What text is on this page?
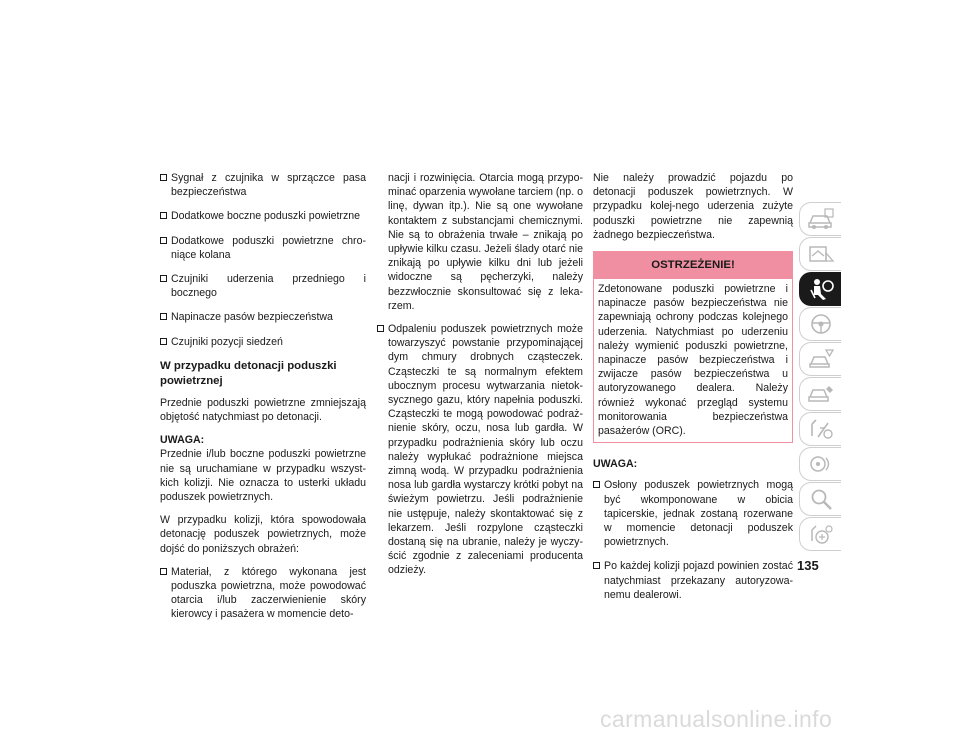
Sygnał z czujnika w sprzączce pasa bezpieczeństwa
Dodatkowe boczne poduszki powietrzne
Dodatkowe poduszki powietrzne chro-niące kolana
Czujniki uderzenia przedniego i bocznego
Napinacze pasów bezpieczeństwa
Czujniki pozycji siedzeń
W przypadku detonacji poduszki powietrznej
Przednie poduszki powietrzne zmniejszają objętość natychmiast po detonacji.
UWAGA:
Przednie i/lub boczne poduszki powietrzne nie są uruchamiane w przypadku wszyst-kich kolizji. Nie oznacza to usterki układu poduszek powietrznych.
W przypadku kolizji, która spowodowała detonację poduszek powietrznych, może dojść do poniższych obrażeń:
Materiał, z którego wykonana jest poduszka powietrzna, może powodować otarcia i/lub zaczerwienienie skóry kierowcy i pasażera w momencie deto-
nacji i rozwinięcia. Otarcia mogą przypo-minać oparzenia wywołane tarciem (np. o linę, dywan itp.). Nie są one wywołane kontaktem z substancjami chemicznymi. Nie są to obrażenia trwałe – znikają po upływie kilku czasu. Jeżeli ślady otarć nie znikają po upływie kilku dni lub jeżeli widoczne są pęcherzyki, należy bezzwłocznie skonsultować się z leka-rzem.
Odpaleniu poduszek powietrznych może towarzyszyć powstanie przypominającej dym chmury drobnych cząsteczek. Cząsteczki te są normalnym efektem ubocznym procesu wytwarzania nietok-sycznego gazu, który napełnia poduszki. Cząsteczki te mogą powodować podraż-nienie skóry, oczu, nosa lub gardła. W przypadku podrażnienia skóry lub oczu należy wypłukać podrażnione miejsca zimną wodą. W przypadku podrażnienia nosa lub gardła wystarczy krótki pobyt na świeżym powietrzu. Jeśli podrażnienie nie ustępuje, należy skontaktować się z lekarzem. Jeśli rozpylone cząsteczki dostaną się na ubranie, należy je wyczy-ścić zgodnie z zaleceniami producenta odzieży.
Nie należy prowadzić pojazdu po detonacji poduszek powietrznych. W przypadku kolej-nego uderzenia zużyte poduszki powietrzne nie zapewnią żadnego bezpieczeństwa.
OSTRZEŻENIE!
Zdetonowane poduszki powietrzne i napinacze pasów bezpieczeństwa nie zapewniają ochrony podczas kolejnego uderzenia. Natychmiast po uderzeniu należy wymienić poduszki powietrzne, napinacze pasów bezpieczeństwa i zwijacze pasów bezpieczeństwa u autoryzowanego dealera. Należy również wykonać przegląd systemu monitorowania bezpieczeństwa pasażerów (ORC).
UWAGA:
Osłony poduszek powietrznych mogą być wkomponowane w obicia tapicerskie, jednak zostaną rozerwane w momencie detonacji poduszek powietrznych.
Po każdej kolizji pojazd powinien zostać natychmiast przekazany autoryzowa-nemu dealerowi.
135
carmanualsonline.info
